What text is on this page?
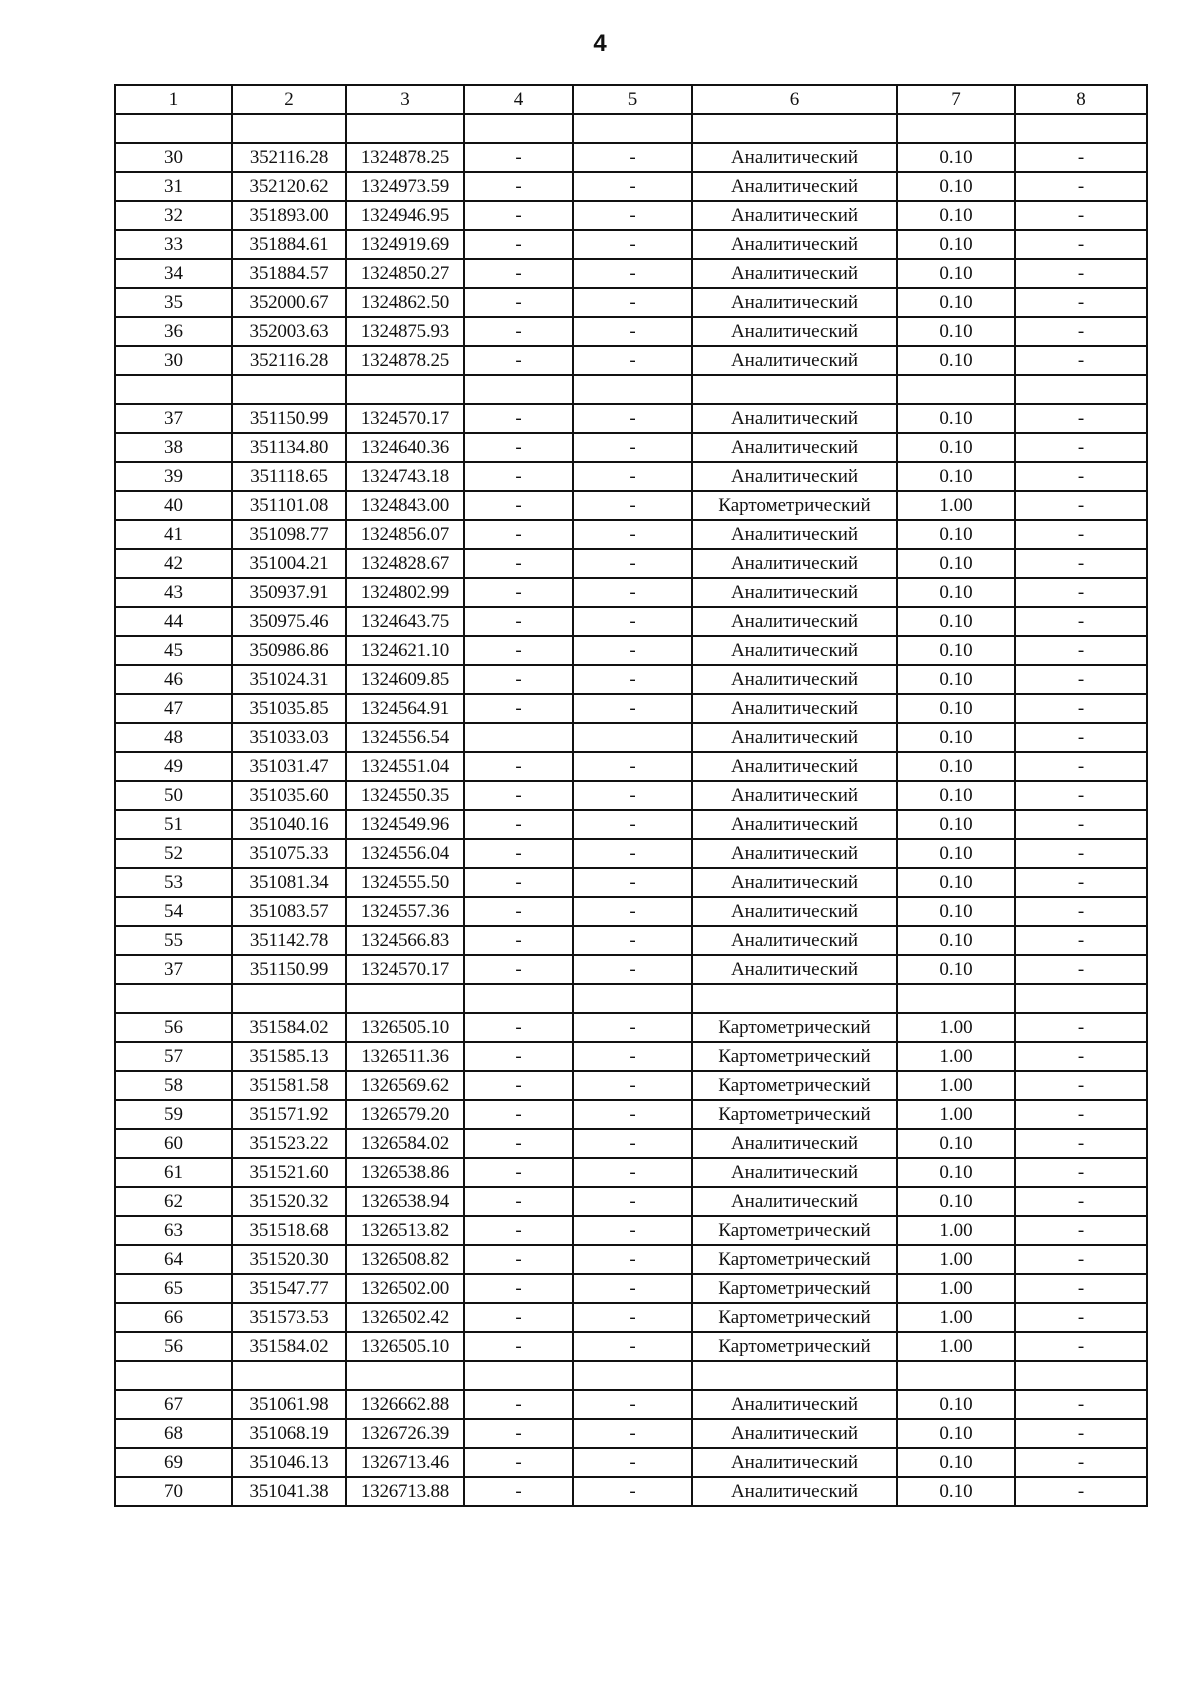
4
1	2	3	4	5	6	7	8

30	352116.28	1324878.25	-	-	Аналитический	0.10	-
31	352120.62	1324973.59	-	-	Аналитический	0.10	-
32	351893.00	1324946.95	-	-	Аналитический	0.10	-
33	351884.61	1324919.69	-	-	Аналитический	0.10	-
34	351884.57	1324850.27	-	-	Аналитический	0.10	-
35	352000.67	1324862.50	-	-	Аналитический	0.10	-
36	352003.63	1324875.93	-	-	Аналитический	0.10	-
30	352116.28	1324878.25	-	-	Аналитический	0.10	-

37	351150.99	1324570.17	-	-	Аналитический	0.10	-
38	351134.80	1324640.36	-	-	Аналитический	0.10	-
39	351118.65	1324743.18	-	-	Аналитический	0.10	-
40	351101.08	1324843.00	-	-	Картометрический	1.00	-
41	351098.77	1324856.07	-	-	Аналитический	0.10	-
42	351004.21	1324828.67	-	-	Аналитический	0.10	-
43	350937.91	1324802.99	-	-	Аналитический	0.10	-
44	350975.46	1324643.75	-	-	Аналитический	0.10	-
45	350986.86	1324621.10	-	-	Аналитический	0.10	-
46	351024.31	1324609.85	-	-	Аналитический	0.10	-
47	351035.85	1324564.91	-	-	Аналитический	0.10	-
48	351033.03	1324556.54			Аналитический	0.10	-
49	351031.47	1324551.04	-	-	Аналитический	0.10	-
50	351035.60	1324550.35	-	-	Аналитический	0.10	-
51	351040.16	1324549.96	-	-	Аналитический	0.10	-
52	351075.33	1324556.04	-	-	Аналитический	0.10	-
53	351081.34	1324555.50	-	-	Аналитический	0.10	-
54	351083.57	1324557.36	-	-	Аналитический	0.10	-
55	351142.78	1324566.83	-	-	Аналитический	0.10	-
37	351150.99	1324570.17	-	-	Аналитический	0.10	-

56	351584.02	1326505.10	-	-	Картометрический	1.00	-
57	351585.13	1326511.36	-	-	Картометрический	1.00	-
58	351581.58	1326569.62	-	-	Картометрический	1.00	-
59	351571.92	1326579.20	-	-	Картометрический	1.00	-
60	351523.22	1326584.02	-	-	Аналитический	0.10	-
61	351521.60	1326538.86	-	-	Аналитический	0.10	-
62	351520.32	1326538.94	-	-	Аналитический	0.10	-
63	351518.68	1326513.82	-	-	Картометрический	1.00	-
64	351520.30	1326508.82	-	-	Картометрический	1.00	-
65	351547.77	1326502.00	-	-	Картометрический	1.00	-
66	351573.53	1326502.42	-	-	Картометрический	1.00	-
56	351584.02	1326505.10	-	-	Картометрический	1.00	-

67	351061.98	1326662.88	-	-	Аналитический	0.10	-
68	351068.19	1326726.39	-	-	Аналитический	0.10	-
69	351046.13	1326713.46	-	-	Аналитический	0.10	-
70	351041.38	1326713.88	-	-	Аналитический	0.10	-
